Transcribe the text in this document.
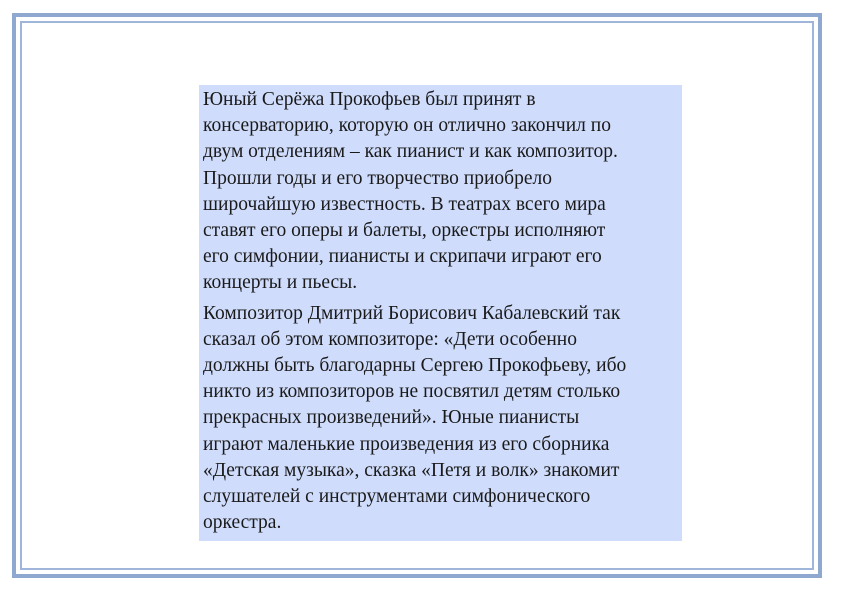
Юный Серёжа Прокофьев был принят в
консерваторию, которую он отлично закончил по
двум отделениям – как пианист и как композитор.
Прошли годы и его творчество приобрело
широчайшую известность. В театрах всего мира
ставят его оперы и балеты, оркестры исполняют
его симфонии, пианисты и скрипачи играют его
концерты и пьесы.

Композитор Дмитрий Борисович Кабалевский так
сказал об этом композиторе: «Дети особенно
должны быть благодарны Сергею Прокофьеву, ибо
никто из композиторов не посвятил детям столько
прекрасных произведений». Юные пианисты
играют маленькие произведения из его сборника
«Детская музыка», сказка «Петя и волк» знакомит
слушателей с инструментами симфонического
оркестра.
